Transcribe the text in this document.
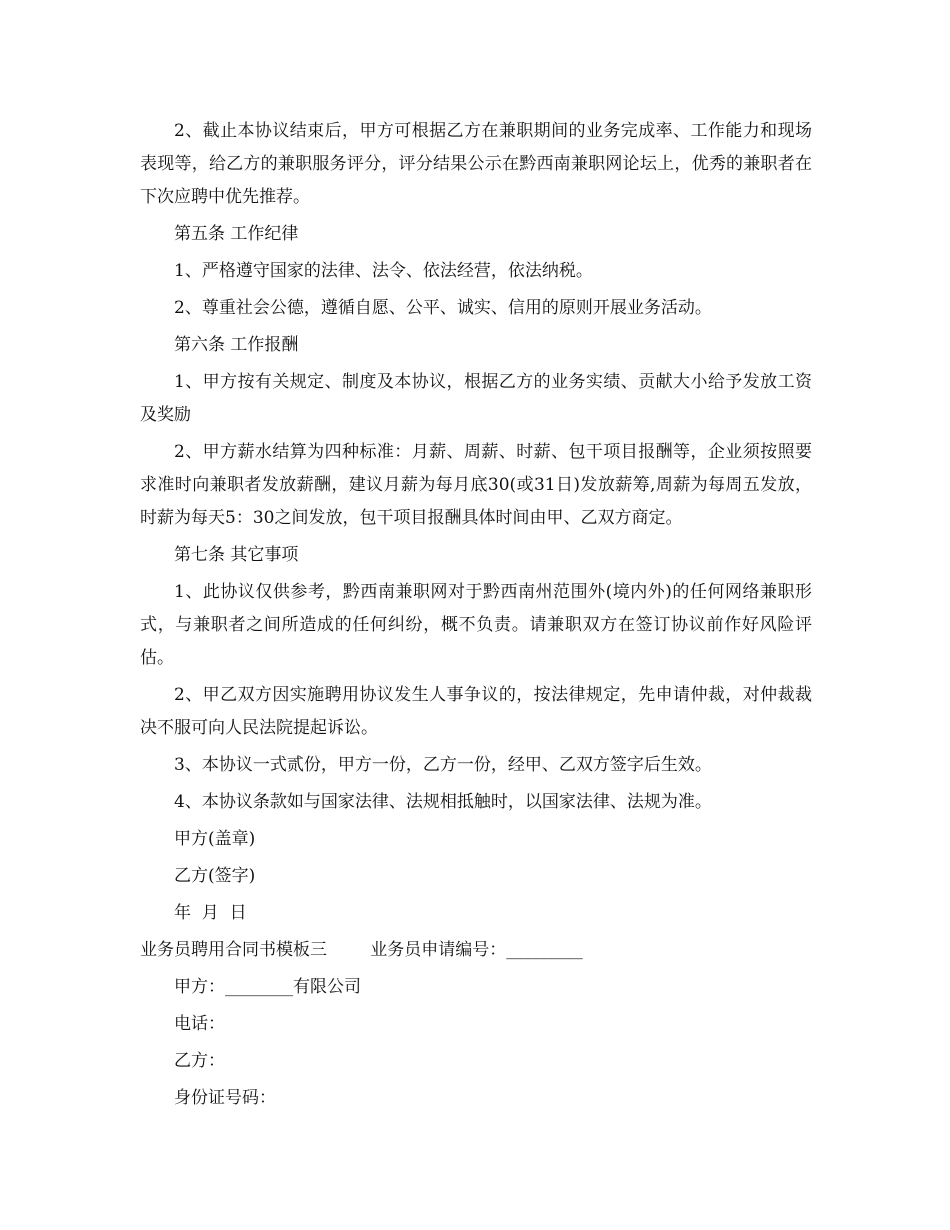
2、截止本协议结束后，甲方可根据乙方在兼职期间的业务完成率、工作能力和现场表现等，给乙方的兼职服务评分，评分结果公示在黔西南兼职网论坛上，优秀的兼职者在下次应聘中优先推荐。

第五条 工作纪律

1、严格遵守国家的法律、法令、依法经营，依法纳税。

2、尊重社会公德，遵循自愿、公平、诚实、信用的原则开展业务活动。

第六条 工作报酬

1、甲方按有关规定、制度及本协议，根据乙方的业务实绩、贡献大小给予发放工资及奖励

2、甲方薪水结算为四种标准：月薪、周薪、时薪、包干项目报酬等，企业须按照要求准时向兼职者发放薪酬，建议月薪为每月底30(或31日)发放薪筹,周薪为每周五发放，时薪为每天5：30之间发放，包干项目报酬具体时间由甲、乙双方商定。

第七条 其它事项

1、此协议仅供参考，黔西南兼职网对于黔西南州范围外(境内外)的任何网络兼职形式，与兼职者之间所造成的任何纠纷，概不负责。请兼职双方在签订协议前作好风险评估。

2、甲乙双方因实施聘用协议发生人事争议的，按法律规定，先申请仲裁，对仲裁裁决不服可向人民法院提起诉讼。

3、本协议一式贰份，甲方一份，乙方一份，经甲、乙双方签字后生效。

4、本协议条款如与国家法律、法规相抵触时，以国家法律、法规为准。

甲方(盖章)

乙方(签字)

年  月  日

业务员聘用合同书模板三        业务员申请编号：_________

甲方：________有限公司

电话：

乙方：

身份证号码：
